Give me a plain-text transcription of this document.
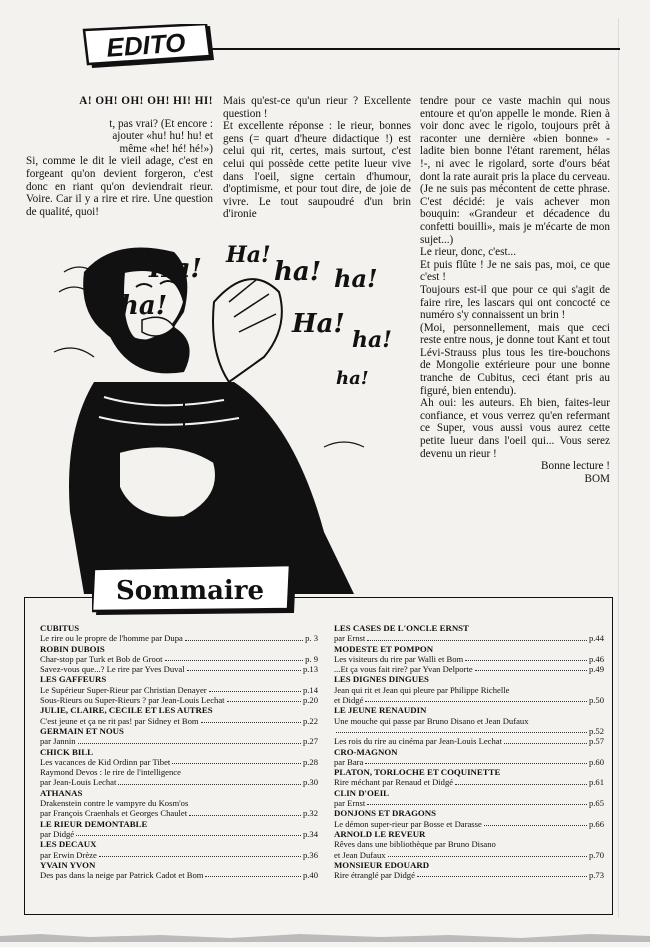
EDITO

A! OH! OH! OH! HI! HI!

t, pas vrai? (Et encore :

ajouter «hu! hu! hu! et

même «he! hé! hé!»)

Si, comme le dit le vieil adage, c'est en forgeant qu'on devient forgeron, c'est donc en riant qu'on deviendrait rieur. Voire. Car il y a rire et rire. Une question de qualité, quoi!

Mais qu'est-ce qu'un rieur ? Excellente question !

Et excellente réponse : le rieur, bonnes gens (= quart d'heure didactique !) est celui qui rit, certes, mais surtout, c'est celui qui possède cette petite lueur vive dans l'oeil, signe certain d'humour, d'optimisme, et pour tout dire, de joie de vivre. Le tout saupoudré d'un brin d'ironie

tendre pour ce vaste machin qui nous entoure et qu'on appelle le monde. Rien à voir donc avec le rigolo, toujours prêt à raconter une dernière «bien bonne» - ladite bien bonne l'étant rarement, hélas !-, ni avec le rigolard, sorte d'ours béat dont la rate aurait pris la place du cerveau. (Je ne suis pas mécontent de cette phrase. C'est décidé: je vais achever mon bouquin: «Grandeur et décadence du confetti bouilli», mais je m'écarte de mon sujet...)

Le rieur, donc, c'est...

Et puis flûte ! Je ne sais pas, moi, ce que c'est !

Toujours est-il que pour ce qui s'agit de faire rire, les lascars qui ont concocté ce numéro s'y connaissent un brin !

(Moi, personnellement, mais que ceci reste entre nous, je donne tout Kant et tout Lévi-Strauss plus tous les tire-bouchons de Mongolie extérieure pour une bonne tranche de Cubitus, ceci étant pris au figuré, bien entendu).

Ah oui: les auteurs. Eh bien, faites-leur confiance, et vous verrez qu'en refermant ce Super, vous aussi vous aurez cette petite lueur dans l'oeil qui... Vous serez devenu un rieur !

Bonne lecture !

BOM

Ha! Ha!
ha! ha!
ha!
Ha!
ha!
ha!
Sommaire
CUBITUS
Le rire ou le propre de l'homme par Dupa	p. 3
ROBIN DUBOIS
Char-stop par Turk et Bob de Groot	p. 9
Savez-vous que...? Le rire par Yves Duval	p.13
LES GAFFEURS
Le Supérieur Super-Rieur par Christian Denayer	p.14
Sous-Rieurs ou Super-Rieurs ? par Jean-Louis Lechat	p.20
JULIE, CLAIRE, CECILE ET LES AUTRES
C'est jeune et ça ne rit pas! par Sidney et Bom	p.22
GERMAIN ET NOUS
par Jannin	p.27
CHICK BILL
Les vacances de Kid Ordinn par Tibet	p.28
Raymond Devos : le rire de l'intelligence
par Jean-Louis Lechat	p.30
ATHANAS
Drakenstein contre le vampyre du Kosm'os
par François Craenhals et Georges Chaulet	p.32
LE RIEUR DEMONTABLE
par Didgé	p.34
LES DECAUX
par Erwin Drèze	p.36
YVAIN YVON
Des pas dans la neige par Patrick Cadot et Bom	p.40
LES CASES DE L'ONCLE ERNST
par Ernst	p.44
MODESTE ET POMPON
Les visiteurs du rire par Walli et Bom	p.46
...Et ça vous fait rire? par Yvan Delporte	p.49
LES DIGNES DINGUES
Jean qui rit et Jean qui pleure par Philippe Richelle
et Didgé	p.50
LE JEUNE RENAUDIN
Une mouche qui passe par Bruno Disano et Jean Dufaux
p.52
Les rois du rire au cinéma par Jean-Louis Lechat	p.57
CRO-MAGNON
par Bara	p.60
PLATON, TORLOCHE ET COQUINETTE
Rire méchant par Renaud et Didgé	p.61
CLIN D'OEIL
par Ernst	p.65
DONJONS ET DRAGONS
Le démon super-rieur par Bosse et Darasse	p.66
ARNOLD LE REVEUR
Rêves dans une bibliothèque par Bruno Disano
et Jean Dufaux	p.70
MONSIEUR EDOUARD
Rire étranglé par Didgé	p.73
